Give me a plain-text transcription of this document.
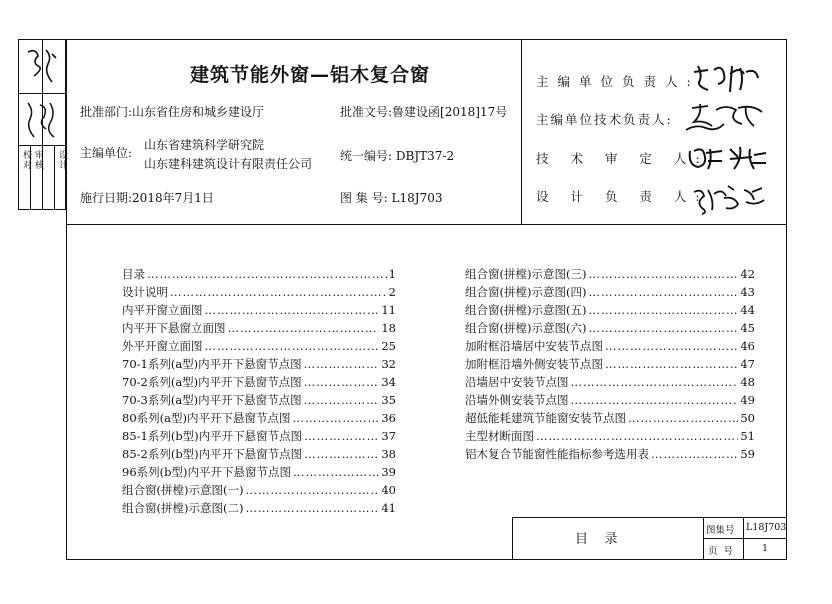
校对 审核 设计
建筑节能外窗—铝木复合窗
批准部门:山东省住房和城乡建设厅	批准文号:鲁建设函[2018]17号
主编单位:
山东省建筑科学研究院
山东建科建筑设计有限责任公司
统一编号: DBJT37-2
施行日期:2018年7月1日	图 集 号: L18J703
主编单位负责人:
主编单位技术负责人:
技 术 审 定 人:
设 计 负 责 人:
目录 ……………………………………………………………………………………………………	1
设计说明 ……………………………………………………………………………………………………	2
内平开窗立面图 ……………………………………………………………………………………………………	11
内平开下悬窗立面图 ……………………………………………………………………………………………………	18
外平开窗立面图 ……………………………………………………………………………………………………	25
70-1系列(a型)内平开下悬窗节点图 ……………………………………………………………………………………………………	32
70-2系列(a型)内平开下悬窗节点图 ……………………………………………………………………………………………………	34
70-3系列(a型)内平开下悬窗节点图 ……………………………………………………………………………………………………	35
80系列(a型)内平开下悬窗节点图 ……………………………………………………………………………………………………	36
85-1系列(b型)内平开下悬窗节点图 ……………………………………………………………………………………………………	37
85-2系列(b型)内平开下悬窗节点图 ……………………………………………………………………………………………………	38
96系列(b型)内平开下悬窗节点图 ……………………………………………………………………………………………………	39
组合窗(拼樘)示意图(一) ……………………………………………………………………………………………………	40
组合窗(拼樘)示意图(二) ……………………………………………………………………………………………………	41
组合窗(拼樘)示意图(三) ……………………………………………………………………………………………………	42
组合窗(拼樘)示意图(四) ……………………………………………………………………………………………………	43
组合窗(拼樘)示意图(五) ……………………………………………………………………………………………………	44
组合窗(拼樘)示意图(六) ……………………………………………………………………………………………………	45
加附框沿墙居中安装节点图 ……………………………………………………………………………………………………	46
加附框沿墙外侧安装节点图 ……………………………………………………………………………………………………	47
沿墙居中安装节点图 ……………………………………………………………………………………………………	48
沿墙外侧安装节点图 ……………………………………………………………………………………………………	49
超低能耗建筑节能窗安装节点图 ……………………………………………………………………………………………………	50
主型材断面图 ……………………………………………………………………………………………………	51
铝木复合节能窗性能指标参考选用表 ……………………………………………………………………………………………………	59
目    录
图集号 L18J703
页  号	1
